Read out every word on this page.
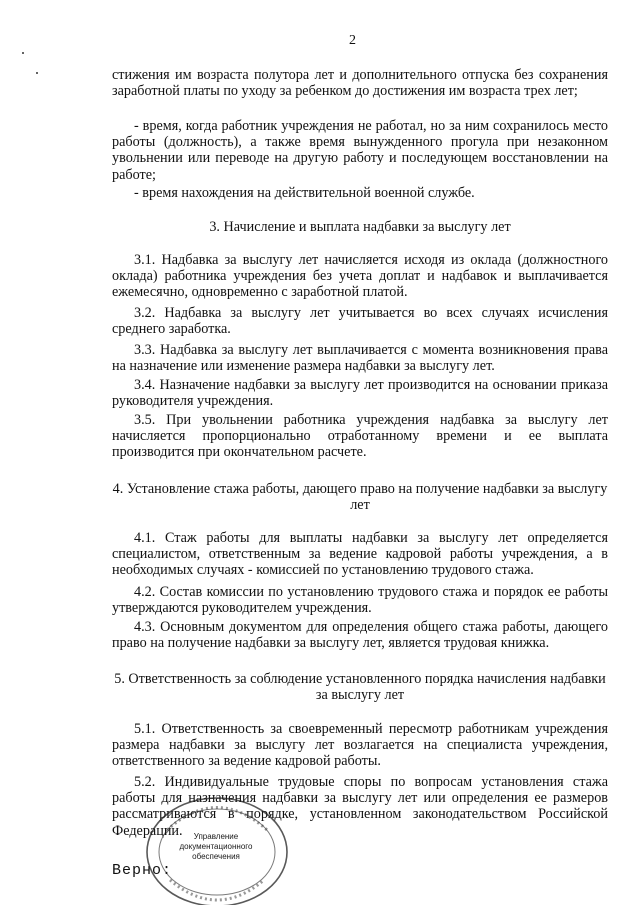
2
стижения им возраста полутора лет и дополнительного отпуска без сохранения заработной платы по уходу за ребенком до достижения им возраста трех лет;
- время, когда работник учреждения не работал, но за ним сохранилось место работы (должность), а также время вынужденного прогула при незаконном увольнении или переводе на другую работу и последующем восстановлении на работе;
- время нахождения на действительной военной службе.
3. Начисление и выплата надбавки за выслугу лет
3.1. Надбавка за выслугу лет начисляется исходя из оклада (должностного оклада) работника учреждения без учета доплат и надбавок и выплачивается ежемесячно, одновременно с заработной платой.
3.2. Надбавка за выслугу лет учитывается во всех случаях исчисления среднего заработка.
3.3. Надбавка за выслугу лет выплачивается с момента возникновения права на назначение или изменение размера надбавки за выслугу лет.
3.4. Назначение надбавки за выслугу лет производится на основании приказа руководителя учреждения.
3.5. При увольнении работника учреждения надбавка за выслугу лет начисляется пропорционально отработанному времени и ее выплата производится при окончательном расчете.
4. Установление стажа работы, дающего право на получение надбавки за выслугу лет
4.1. Стаж работы для выплаты надбавки за выслугу лет определяется специалистом, ответственным за ведение кадровой работы учреждения, а в необходимых случаях - комиссией по установлению трудового стажа.
4.2. Состав комиссии по установлению трудового стажа и порядок ее работы утверждаются руководителем учреждения.
4.3. Основным документом для определения общего стажа работы, дающего право на получение надбавки за выслугу лет, является трудовая книжка.
5. Ответственность за соблюдение установленного порядка начисления надбавки за выслугу лет
5.1. Ответственность за своевременный пересмотр работникам учреждения размера надбавки за выслугу лет возлагается на специалиста учреждения, ответственного за ведение кадровой работы.
5.2. Индивидуальные трудовые споры по вопросам установления стажа работы для назначения надбавки за выслугу лет или определения ее размеров рассматриваются в порядке, установленном законодательством Российской Федерации.
Верно:
Управление документационного обеспечения
